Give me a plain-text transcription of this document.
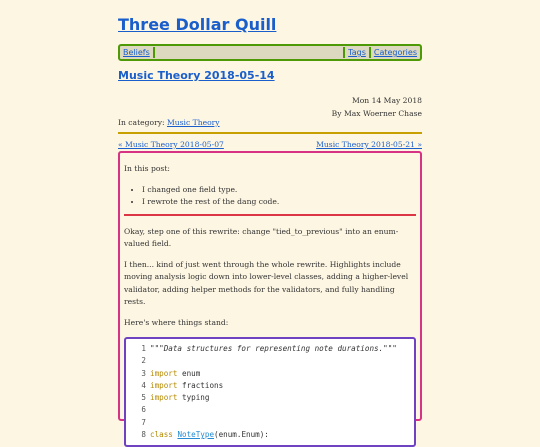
Three Dollar Quill
Beliefs	Tags	Categories
Music Theory 2018-05-14
Mon 14 May 2018
By Max Woerner Chase
In category: Music Theory
« Music Theory 2018-05-07	Music Theory 2018-05-21 »

In this post:

• I changed one field type.
• I rewrote the rest of the dang code.

Okay, step one of this rewrite: change "tied_to_previous" into an enum-valued field.

I then... kind of just went through the whole rewrite. Highlights include moving analysis logic down into lower-level classes, adding a higher-level validator, adding helper methods for the validators, and fully handling rests.

Here's where things stand:

1 """Data structures for representing note durations."""
2
3 import enum
4 import fractions
5 import typing
6
7
8 class
NoteType (enum.Enum):
